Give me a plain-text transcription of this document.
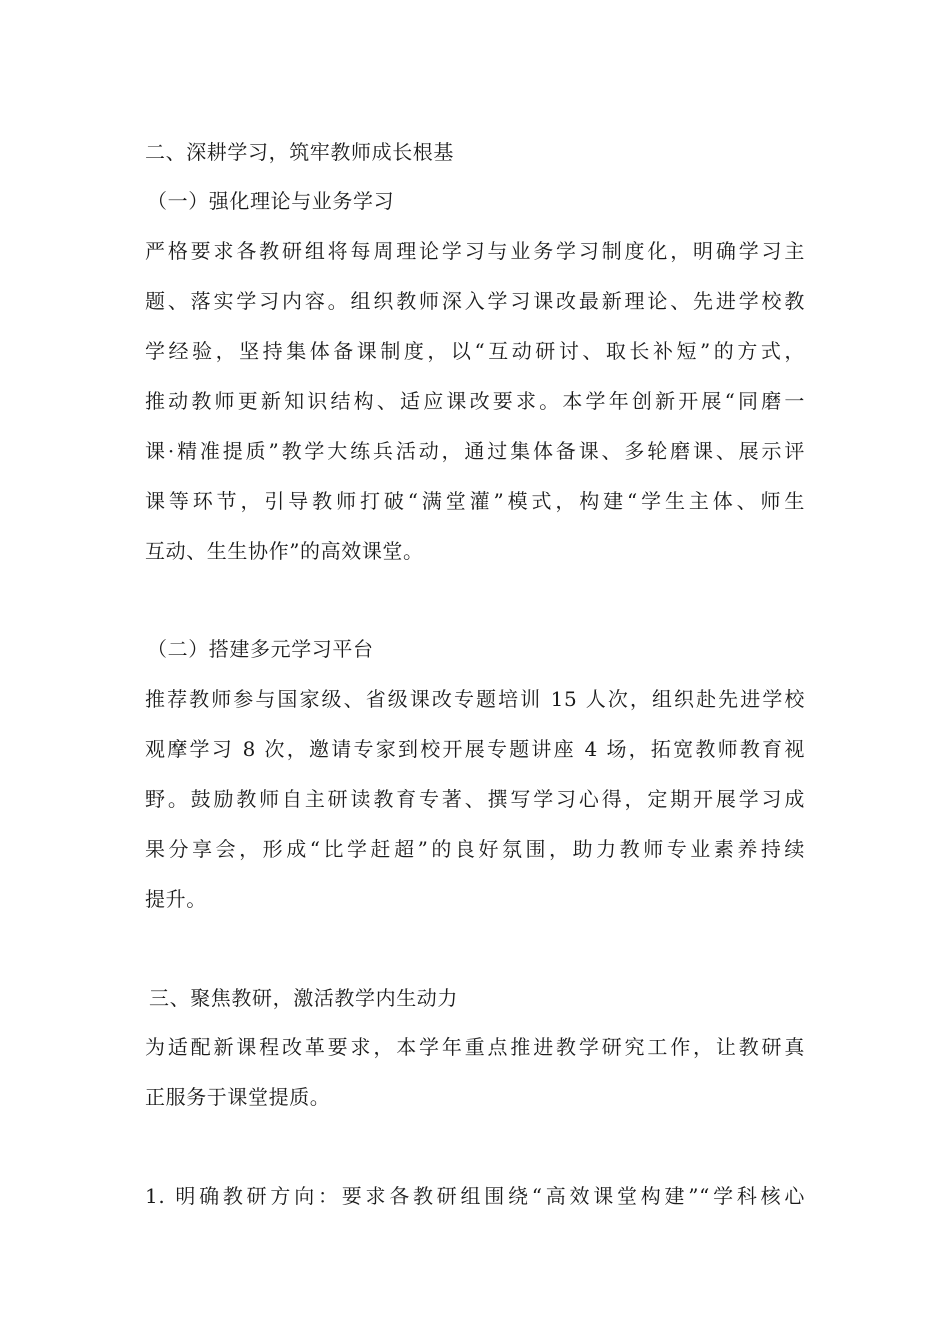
二、深耕学习，筑牢教师成长根基

（一）强化理论与业务学习

严格要求各教研组将每周理论学习与业务学习制度化，明确学习主

题、落实学习内容。组织教师深入学习课改最新理论、先进学校教

学经验，坚持集体备课制度，以“互动研讨、取长补短”的方式，

推动教师更新知识结构、适应课改要求。本学年创新开展“同磨一

课·精准提质”教学大练兵活动，通过集体备课、多轮磨课、展示评

课等环节，引导教师打破“满堂灌”模式，构建“学生主体、师生

互动、生生协作”的高效课堂。

（二）搭建多元学习平台

推荐教师参与国家级、省级课改专题培训 15 人次，组织赴先进学校

观摩学习 8 次，邀请专家到校开展专题讲座 4 场，拓宽教师教育视

野。鼓励教师自主研读教育专著、撰写学习心得，定期开展学习成

果分享会，形成“比学赶超”的良好氛围，助力教师专业素养持续

提升。

三、聚焦教研，激活教学内生动力

为适配新课程改革要求，本学年重点推进教学研究工作，让教研真

正服务于课堂提质。

1. 明确教研方向：要求各教研组围绕“高效课堂构建”“学科核心
